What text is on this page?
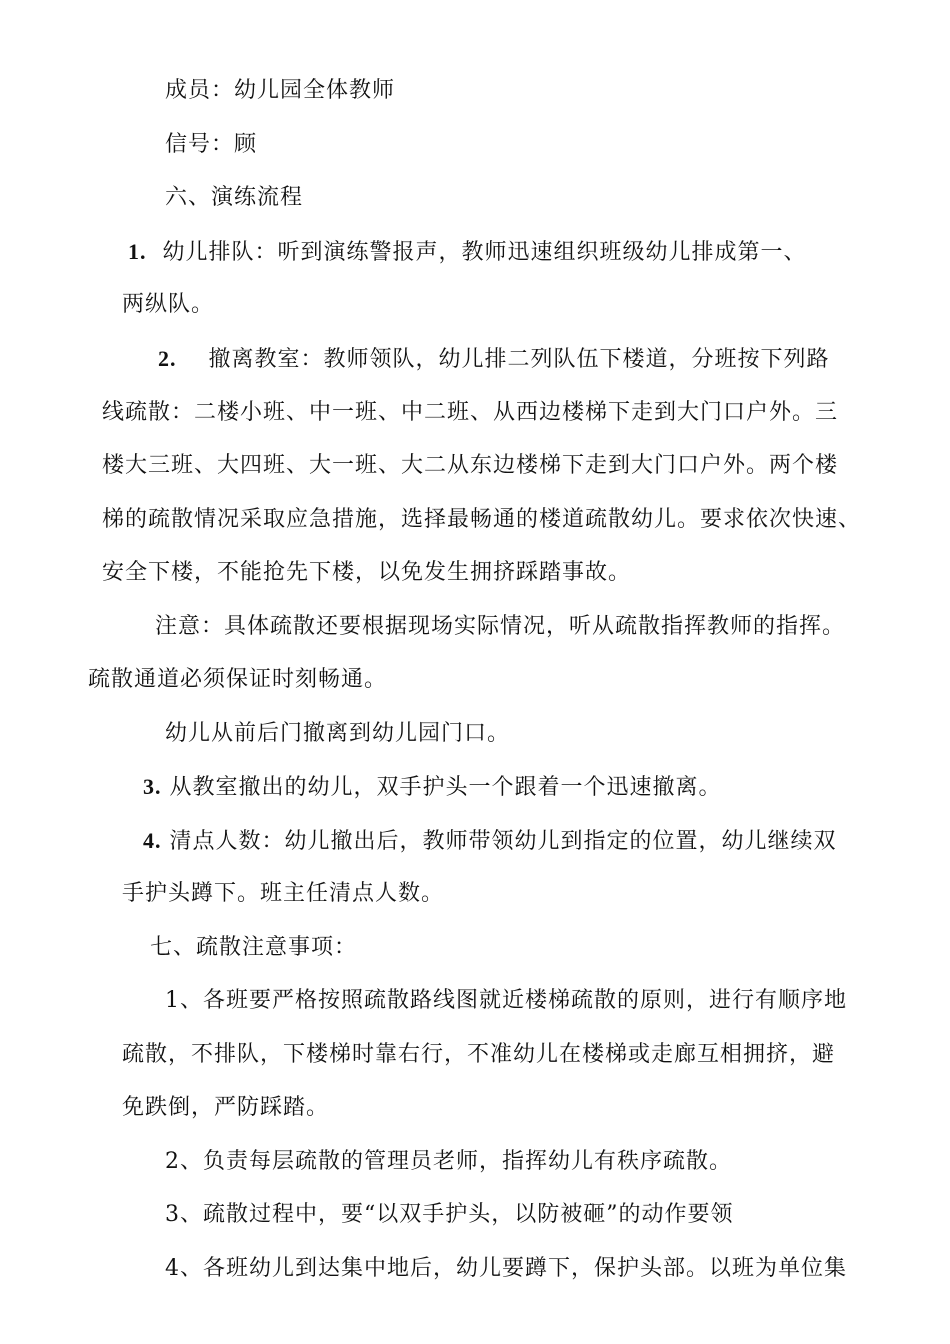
成员：幼儿园全体教师
信号：顾
六、演练流程
1. 幼儿排队：听到演练警报声，教师迅速组织班级幼儿排成第一、
两纵队。
2. 撤离教室：教师领队，幼儿排二列队伍下楼道，分班按下列路
线疏散：二楼小班、中一班、中二班、从西边楼梯下走到大门口户外。三
楼大三班、大四班、大一班、大二从东边楼梯下走到大门口户外。两个楼
梯的疏散情况采取应急措施，选择最畅通的楼道疏散幼儿。要求依次快速、
安全下楼，不能抢先下楼，以免发生拥挤踩踏事故。
注意：具体疏散还要根据现场实际情况，听从疏散指挥教师的指挥。
疏散通道必须保证时刻畅通。
幼儿从前后门撤离到幼儿园门口。
3. 从教室撤出的幼儿，双手护头一个跟着一个迅速撤离。
4. 清点人数：幼儿撤出后，教师带领幼儿到指定的位置，幼儿继续双
手护头蹲下。班主任清点人数。
七、疏散注意事项：
1、各班要严格按照疏散路线图就近楼梯疏散的原则，进行有顺序地
疏散，不排队，下楼梯时靠右行，不准幼儿在楼梯或走廊互相拥挤，避
免跌倒，严防踩踏。
2、负责每层疏散的管理员老师，指挥幼儿有秩序疏散。
3、疏散过程中，要“以双手护头，以防被砸”的动作要领
4、各班幼儿到达集中地后，幼儿要蹲下，保护头部。以班为单位集
